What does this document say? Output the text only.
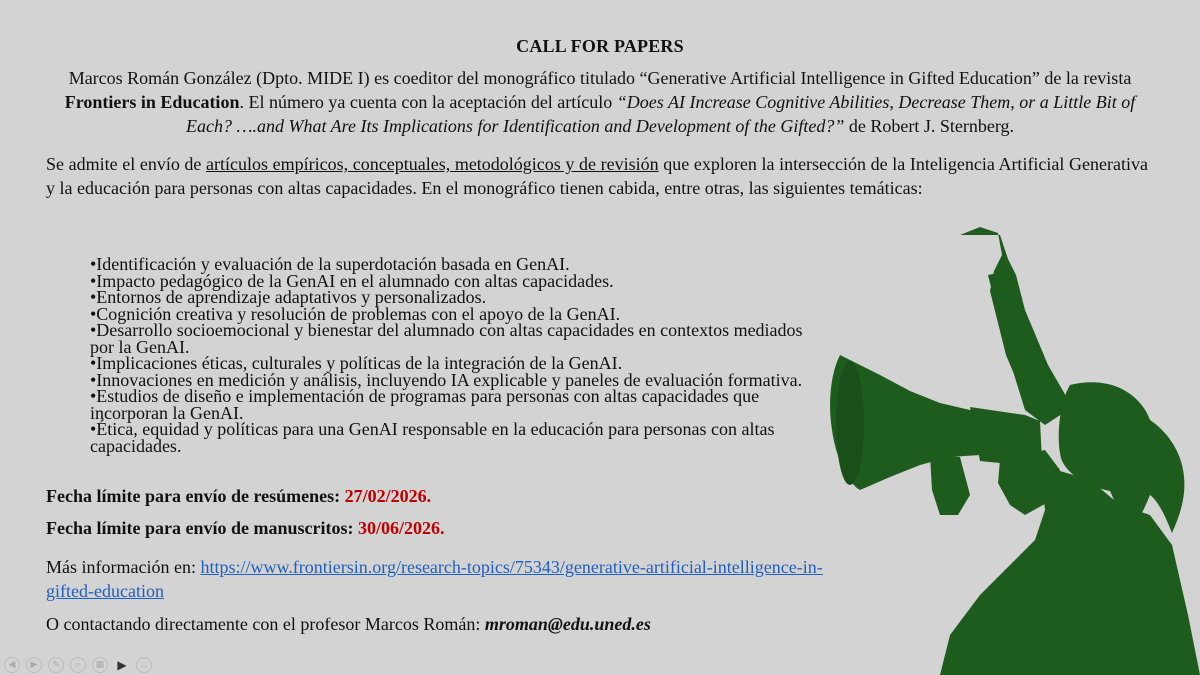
CALL FOR PAPERS
Marcos Román González (Dpto. MIDE I) es coeditor del monográfico titulado “Generative Artificial Intelligence in Gifted Education” de la revista Frontiers in Education. El número ya cuenta con la aceptación del artículo “Does AI Increase Cognitive Abilities, Decrease Them, or a Little Bit of Each? ….and What Are Its Implications for Identification and Development of the Gifted?” de Robert J. Sternberg.
Se admite el envío de artículos empíricos, conceptuales, metodológicos y de revisión que exploren la intersección de la Inteligencia Artificial Generativa y la educación para personas con altas capacidades. En el monográfico tienen cabida, entre otras, las siguientes temáticas:
•Identificación y evaluación de la superdotación basada en GenAI.
•Impacto pedagógico de la GenAI en el alumnado con altas capacidades.
•Entornos de aprendizaje adaptativos y personalizados.
•Cognición creativa y resolución de problemas con el apoyo de la GenAI.
•Desarrollo socioemocional y bienestar del alumnado con altas capacidades en contextos mediados por la GenAI.
•Implicaciones éticas, culturales y políticas de la integración de la GenAI.
•Innovaciones en medición y análisis, incluyendo IA explicable y paneles de evaluación formativa.
•Estudios de diseño e implementación de programas para personas con altas capacidades que incorporan la GenAI.
•Ética, equidad y políticas para una GenAI responsable en la educación para personas con altas capacidades.
Fecha límite para envío de resúmenes: 27/02/2026.
Fecha límite para envío de manuscritos: 30/06/2026.
Más información en: https://www.frontiersin.org/research-topics/75343/generative-artificial-intelligence-in-gifted-education
O contactando directamente con el profesor Marcos Román: mroman@edu.uned.es
◀	▶	✎	⌕	▦	▶	…
